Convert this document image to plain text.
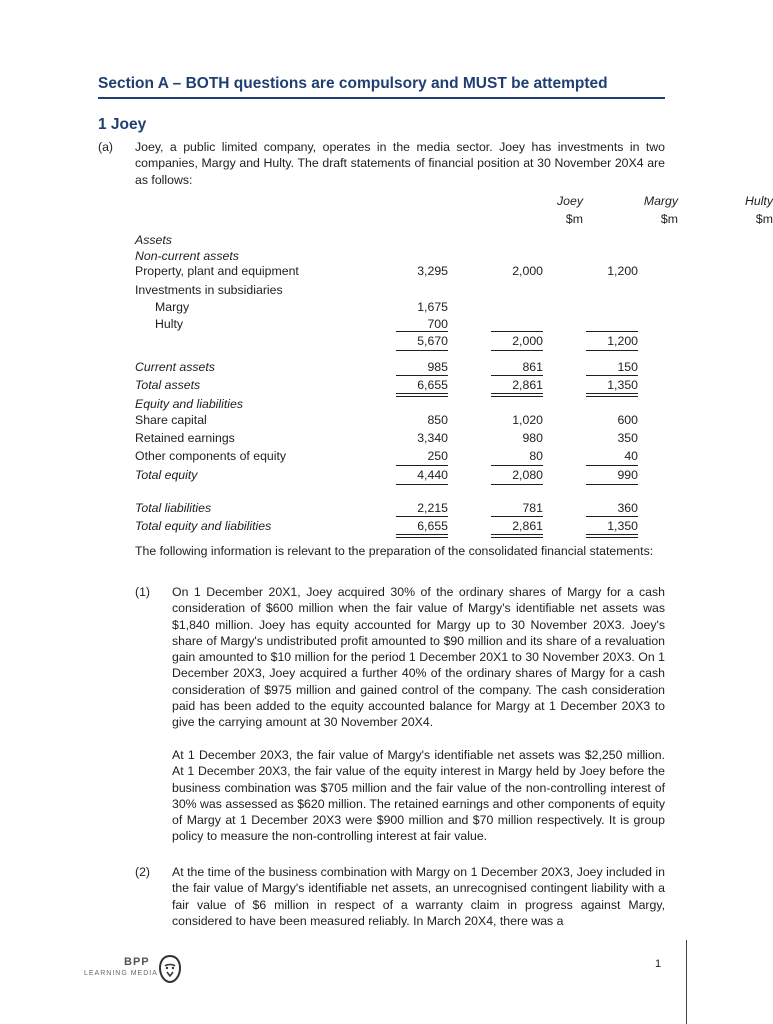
Section A – BOTH questions are compulsory and MUST be attempted
1 Joey
(a) Joey, a public limited company, operates in the media sector. Joey has investments in two companies, Margy and Hulty. The draft statements of financial position at 30 November 20X4 are as follows:

Joey	Margy	Hulty
$m	$m	$m
Assets
Non-current assets
Property, plant and equipment	3,295	2,000	1,200
Investments in subsidiaries
Margy	1,675
Hulty	700
5,670	2,000	1,200
Current assets	985	861	150
Total assets	6,655	2,861	1,350
Equity and liabilities
Share capital	850	1,020	600
Retained earnings	3,340	980	350
Other components of equity	250	80	40
Total equity	4,440	2,080	990
Total liabilities	2,215	781	360
Total equity and liabilities	6,655	2,861	1,350

The following information is relevant to the preparation of the consolidated financial statements:

(1) On 1 December 20X1, Joey acquired 30% of the ordinary shares of Margy for a cash consideration of $600 million when the fair value of Margy's identifiable net assets was $1,840 million. Joey has equity accounted for Margy up to 30 November 20X3. Joey's share of Margy's undistributed profit amounted to $90 million and its share of a revaluation gain amounted to $10 million for the period 1 December 20X1 to 30 November 20X3. On 1 December 20X3, Joey acquired a further 40% of the ordinary shares of Margy for a cash consideration of $975 million and gained control of the company. The cash consideration paid has been added to the equity accounted balance for Margy at 1 December 20X3 to give the carrying amount at 30 November 20X4.

At 1 December 20X3, the fair value of Margy's identifiable net assets was $2,250 million. At 1 December 20X3, the fair value of the equity interest in Margy held by Joey before the business combination was $705 million and the fair value of the non-controlling interest of 30% was assessed as $620 million. The retained earnings and other components of equity of Margy at 1 December 20X3 were $900 million and $70 million respectively. It is group policy to measure the non-controlling interest at fair value.

(2) At the time of the business combination with Margy on 1 December 20X3, Joey included in the fair value of Margy's identifiable net assets, an unrecognised contingent liability with a fair value of $6 million in respect of a warranty claim in progress against Margy, considered to have been measured reliably. In March 20X4, there was a

BPP
LEARNING MEDIA
1
